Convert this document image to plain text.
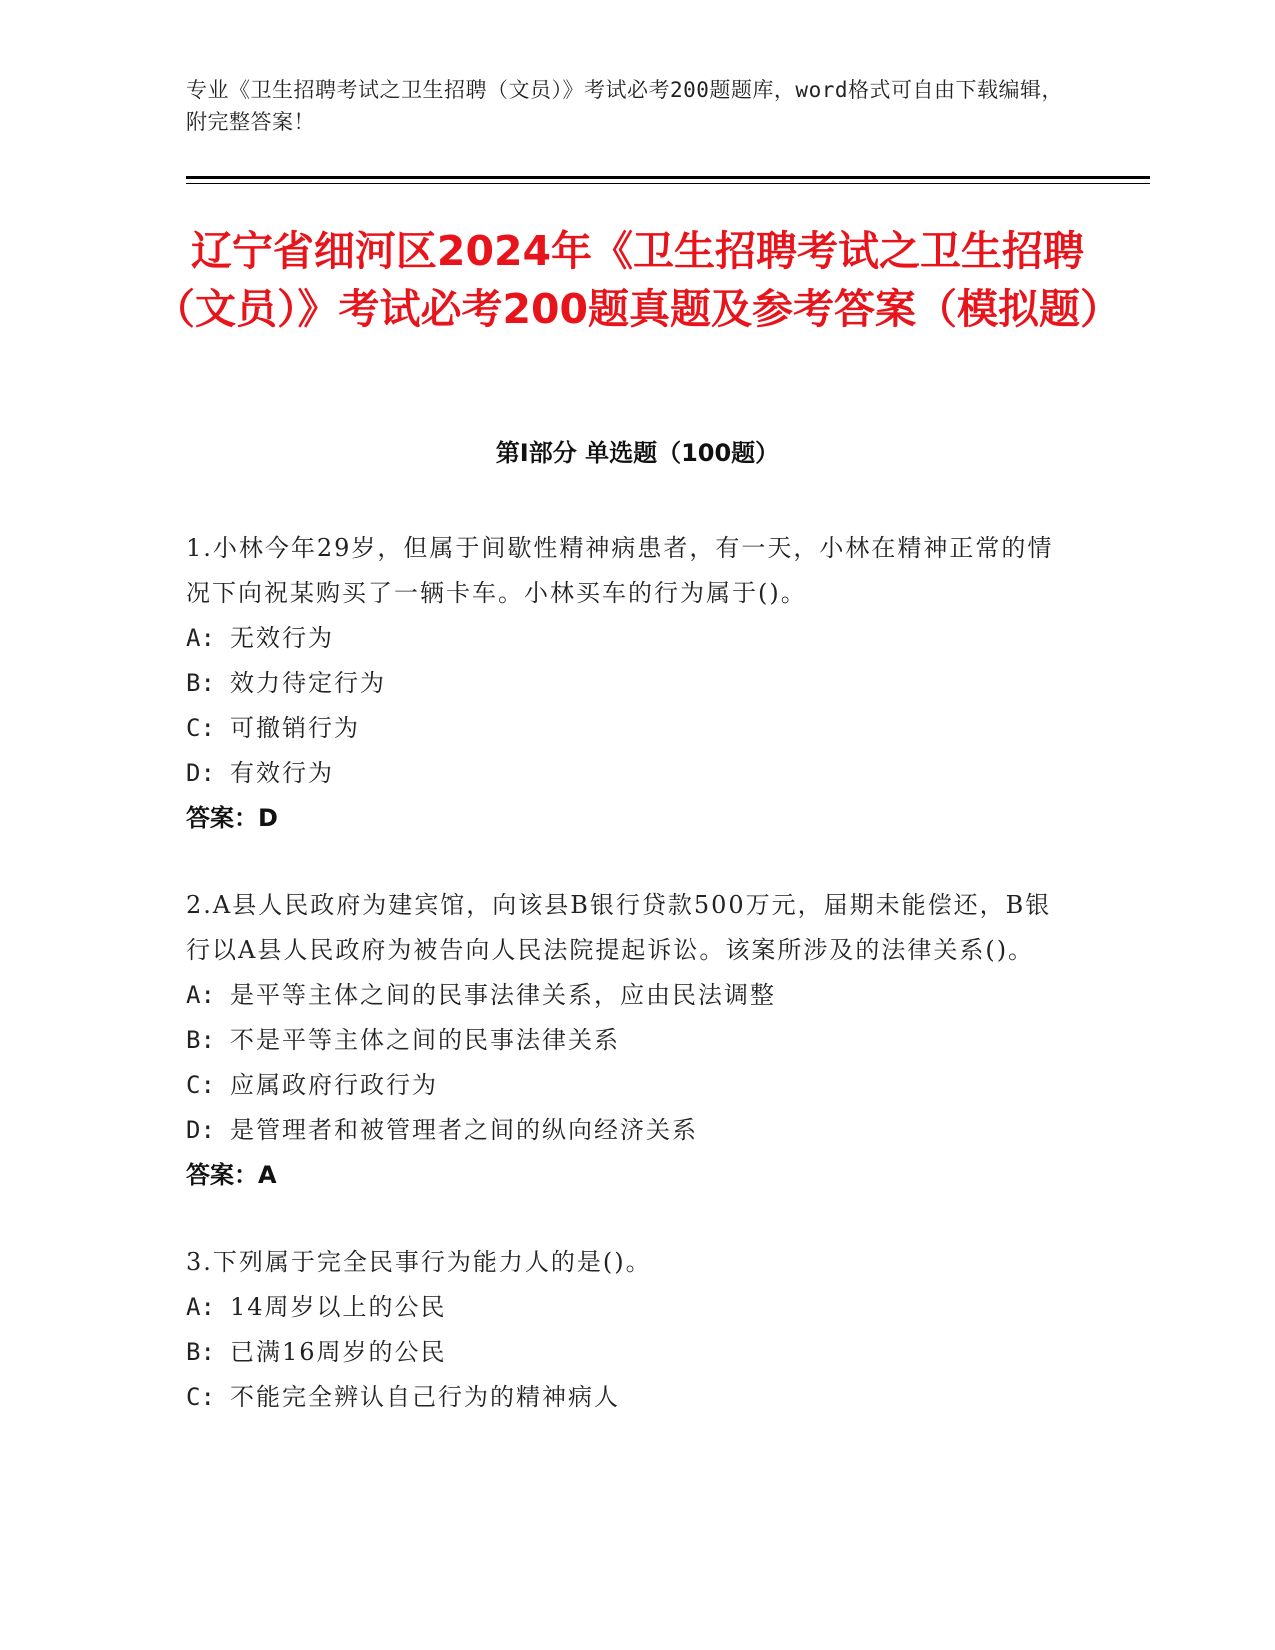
专业《卫生招聘考试之卫生招聘（文员）》考试必考200题题库，word格式可自由下载编辑，附完整答案！
辽宁省细河区2024年《卫生招聘考试之卫生招聘（文员）》考试必考200题真题及参考答案（模拟题）
第I部分 单选题（100题）
1.小林今年29岁，但属于间歇性精神病患者，有一天，小林在精神正常的情况下向祝某购买了一辆卡车。小林买车的行为属于()。
A: 无效行为
B: 效力待定行为
C: 可撤销行为
D: 有效行为
答案：D
2.A县人民政府为建宾馆，向该县B银行贷款500万元，届期未能偿还，B银行以A县人民政府为被告向人民法院提起诉讼。该案所涉及的法律关系()。
A: 是平等主体之间的民事法律关系，应由民法调整
B: 不是平等主体之间的民事法律关系
C: 应属政府行政行为
D: 是管理者和被管理者之间的纵向经济关系
答案：A
3.下列属于完全民事行为能力人的是()。
A: 14周岁以上的公民
B: 已满16周岁的公民
C: 不能完全辨认自己行为的精神病人
